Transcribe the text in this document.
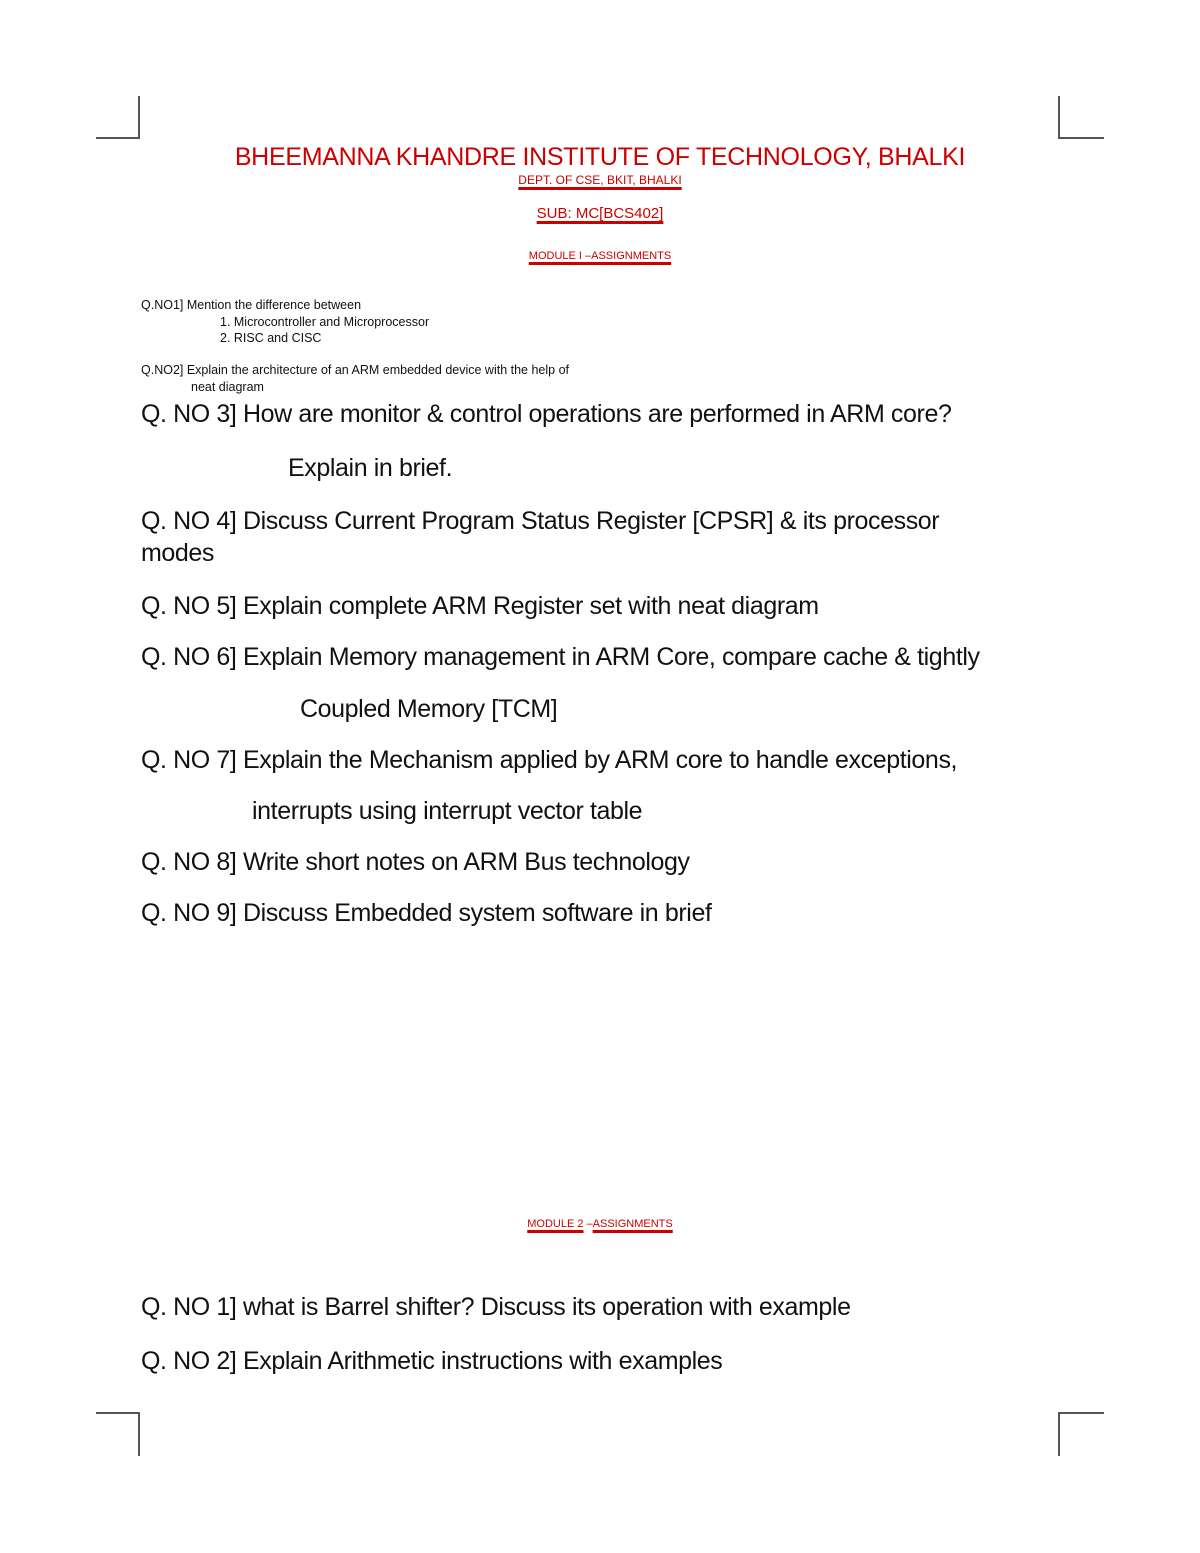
BHEEMANNA KHANDRE INSTITUTE OF TECHNOLOGY, BHALKI
DEPT. OF CSE, BKIT, BHALKI
SUB: MC[BCS402]
MODULE I –ASSIGNMENTS
Q.NO1] Mention the difference between
1. Microcontroller and Microprocessor
2. RISC and CISC
Q.NO2] Explain the architecture of an ARM embedded device with the help of
neat diagram
Q. NO 3] How are monitor & control operations are performed in ARM core?
Explain in brief.
Q. NO 4] Discuss Current Program Status Register [CPSR] & its processor
modes
Q. NO 5] Explain complete ARM Register set with neat diagram
Q. NO 6] Explain Memory management in ARM Core, compare cache & tightly
Coupled Memory [TCM]
Q. NO 7] Explain the Mechanism applied by ARM core to handle exceptions,
interrupts using interrupt vector table
Q. NO 8] Write short notes on ARM Bus technology
Q. NO 9] Discuss Embedded system software in brief
MODULE 2 –ASSIGNMENTS
Q. NO 1] what is Barrel shifter? Discuss its operation with example
Q. NO 2] Explain Arithmetic instructions with examples
